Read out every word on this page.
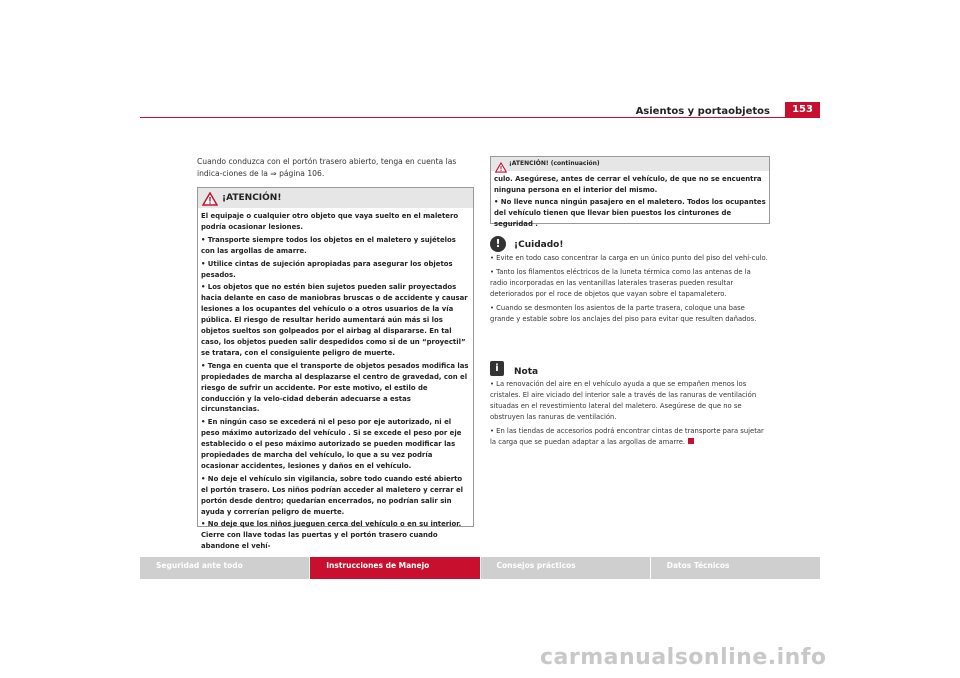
Asientos y portaobjetos	153
Cuando conduzca con el portón trasero abierto, tenga en cuenta las indica-ciones de la ⇒ página 106.
¡ATENCIÓN!

El equipaje o cualquier otro objeto que vaya suelto en el maletero podría ocasionar lesiones.

• Transporte siempre todos los objetos en el maletero y sujételos con las argollas de amarre.

• Utilice cintas de sujeción apropiadas para asegurar los objetos pesados.

• Los objetos que no estén bien sujetos pueden salir proyectados hacia delante en caso de maniobras bruscas o de accidente y causar lesiones a los ocupantes del vehículo o a otros usuarios de la vía pública. El riesgo de resultar herido aumentará aún más si los objetos sueltos son golpeados por el airbag al dispararse. En tal caso, los objetos pueden salir despedidos como si de un “proyectil” se tratara, con el consiguiente peligro de muerte.

• Tenga en cuenta que el transporte de objetos pesados modifica las propiedades de marcha al desplazarse el centro de gravedad, con el riesgo de sufrir un accidente. Por este motivo, el estilo de conducción y la velo-cidad deberán adecuarse a estas circunstancias.

• En ningún caso se excederá ni el peso por eje autorizado, ni el peso máximo autorizado del vehículo . Si se excede el peso por eje establecido o el peso máximo autorizado se pueden modificar las propiedades de marcha del vehículo, lo que a su vez podría ocasionar accidentes, lesiones y daños en el vehículo.

• No deje el vehículo sin vigilancia, sobre todo cuando esté abierto el portón trasero. Los niños podrían acceder al maletero y cerrar el portón desde dentro; quedarían encerrados, no podrían salir sin ayuda y correrían peligro de muerte.

• No deje que los niños jueguen cerca del vehículo o en su interior. Cierre con llave todas las puertas y el portón trasero cuando abandone el vehí-

¡ATENCIÓN! (continuación)

culo. Asegúrese, antes de cerrar el vehículo, de que no se encuentra ninguna persona en el interior del mismo.

• No lleve nunca ningún pasajero en el maletero. Todos los ocupantes del vehículo tienen que llevar bien puestos los cinturones de seguridad .

!	¡Cuidado!

• Evite en todo caso concentrar la carga en un único punto del piso del vehí-culo.

• Tanto los filamentos eléctricos de la luneta térmica como las antenas de la radio incorporadas en las ventanillas laterales traseras pueden resultar deteriorados por el roce de objetos que vayan sobre el tapamaletero.

• Cuando se desmonten los asientos de la parte trasera, coloque una base grande y estable sobre los anclajes del piso para evitar que resulten dañados.

i	Nota

• La renovación del aire en el vehículo ayuda a que se empañen menos los cristales. El aire viciado del interior sale a través de las ranuras de ventilación situadas en el revestimiento lateral del maletero. Asegúrese de que no se obstruyen las ranuras de ventilación.

• En las tiendas de accesorios podrá encontrar cintas de transporte para sujetar la carga que se puedan adaptar a las argollas de amarre.

Seguridad ante todo	Instrucciones de Manejo	Consejos prácticos	Datos Técnicos
carmanualsonline.info
